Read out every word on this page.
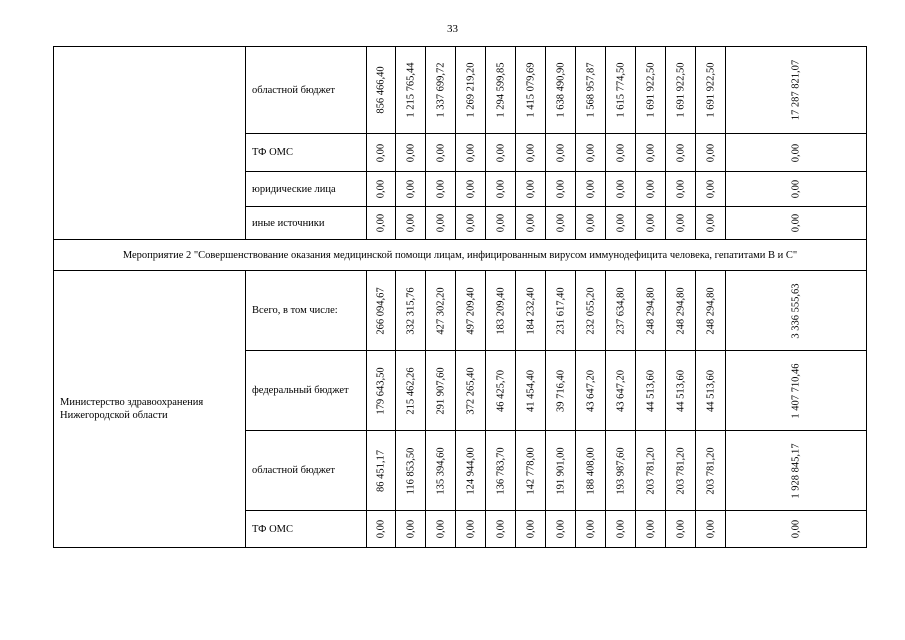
33
	областной бюджет	856 466,40	1 215 765,44	1 337 699,72	1 269 219,20	1 294 599,85	1 415 079,69	1 638 490,90	1 568 957,87	1 615 774,50	1 691 922,50	1 691 922,50	1 691 922,50	17 287 821,07

	ТФ ОМС	0,00	0,00	0,00	0,00	0,00	0,00	0,00	0,00	0,00	0,00	0,00	0,00	0,00

	юридические лица	0,00	0,00	0,00	0,00	0,00	0,00	0,00	0,00	0,00	0,00	0,00	0,00	0,00

	иные источники	0,00	0,00	0,00	0,00	0,00	0,00	0,00	0,00	0,00	0,00	0,00	0,00	0,00

Мероприятие 2 "Совершенствование оказания медицинской помощи лицам, инфицированным вирусом иммунодефицита человека, гепатитами В и С"														
Министерство здравоохранения Нижегородской области	Всего, в том числе:	266 094,67	332 315,76	427 302,20	497 209,40	183 209,40	184 232,40	231 617,40	232 055,20	237 634,80	248 294,80	248 294,80	248 294,80	3 336 555,63

	федеральный бюджет	179 643,50	215 462,26	291 907,60	372 265,40	46 425,70	41 454,40	39 716,40	43 647,20	43 647,20	44 513,60	44 513,60	44 513,60	1 407 710,46

	областной бюджет	86 451,17	116 853,50	135 394,60	124 944,00	136 783,70	142 778,00	191 901,00	188 408,00	193 987,60	203 781,20	203 781,20	203 781,20	1 928 845,17

	ТФ ОМС	0,00	0,00	0,00	0,00	0,00	0,00	0,00	0,00	0,00	0,00	0,00	0,00	0,00
